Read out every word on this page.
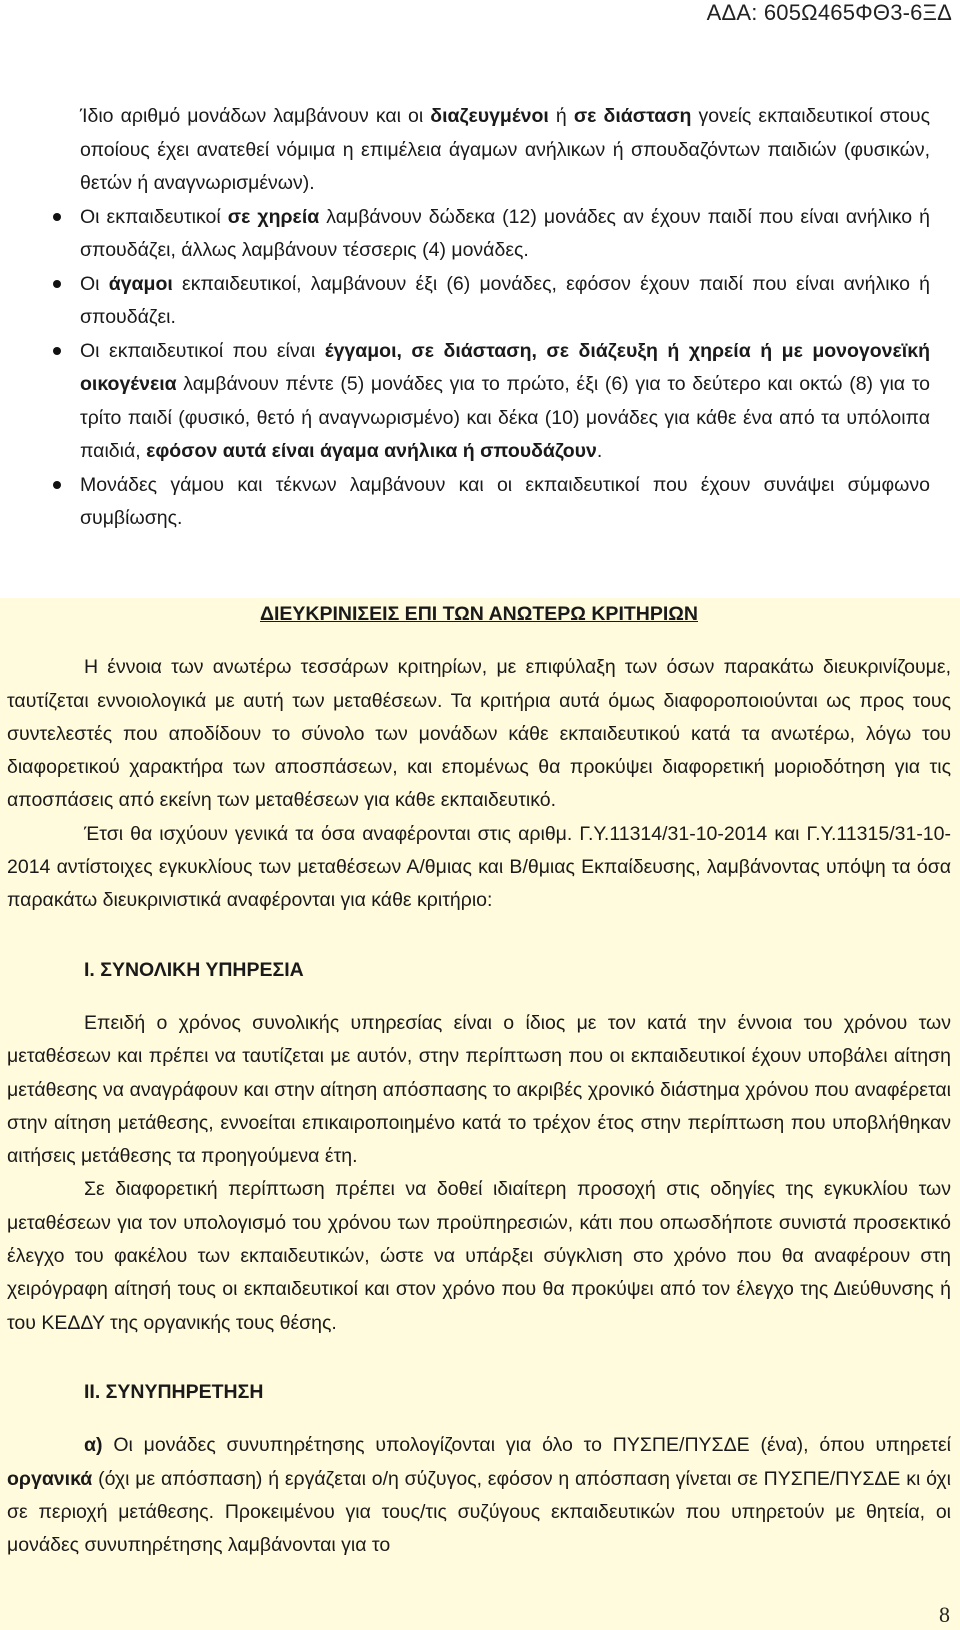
ΑΔΑ: 605Ω465ΦΘ3-6ΞΔ

Ίδιο αριθμό μονάδων λαμβάνουν και οι διαζευγμένοι ή σε διάσταση γονείς εκπαιδευτικοί στους οποίους έχει ανατεθεί νόμιμα η επιμέλεια άγαμων ανήλικων ή σπουδαζόντων παιδιών (φυσικών, θετών ή αναγνωρισμένων).

Οι εκπαιδευτικοί σε χηρεία λαμβάνουν δώδεκα (12) μονάδες αν έχουν παιδί που είναι ανήλικο ή σπουδάζει, άλλως λαμβάνουν τέσσερις (4) μονάδες.
Οι άγαμοι εκπαιδευτικοί, λαμβάνουν έξι (6) μονάδες, εφόσον έχουν παιδί που είναι ανήλικο ή σπουδάζει.
Οι εκπαιδευτικοί που είναι έγγαμοι, σε διάσταση, σε διάζευξη ή χηρεία ή με μονογονεϊκή οικογένεια λαμβάνουν πέντε (5) μονάδες για το πρώτο, έξι (6) για το δεύτερο και οκτώ (8) για το τρίτο παιδί (φυσικό, θετό ή αναγνωρισμένο) και δέκα (10) μονάδες για κάθε ένα από τα υπόλοιπα παιδιά, εφόσον αυτά είναι άγαμα ανήλικα ή σπουδάζουν.
Μονάδες γάμου και τέκνων λαμβάνουν και οι εκπαιδευτικοί που έχουν συνάψει σύμφωνο συμβίωσης.

ΔΙΕΥΚΡΙΝΙΣΕΙΣ ΕΠΙ ΤΩΝ ΑΝΩΤΕΡΩ ΚΡΙΤΗΡΙΩΝ

Η έννοια των ανωτέρω τεσσάρων κριτηρίων, με επιφύλαξη των όσων παρακάτω διευκρινίζουμε, ταυτίζεται εννοιολογικά με αυτή των μεταθέσεων. Τα κριτήρια αυτά όμως διαφοροποιούνται ως προς τους συντελεστές που αποδίδουν το σύνολο των μονάδων κάθε εκπαιδευτικού κατά τα ανωτέρω, λόγω του διαφορετικού χαρακτήρα των αποσπάσεων, και επομένως θα προκύψει διαφορετική μοριοδότηση για τις αποσπάσεις από εκείνη των μεταθέσεων για κάθε εκπαιδευτικό.

Έτσι θα ισχύουν γενικά τα όσα αναφέρονται στις αριθμ. Γ.Υ.11314/31-10-2014 και Γ.Υ.11315/31-10-2014 αντίστοιχες εγκυκλίους των μεταθέσεων Α/θμιας και Β/θμιας Εκπαίδευσης, λαμβάνοντας υπόψη τα όσα παρακάτω διευκρινιστικά αναφέρονται για κάθε κριτήριο:

Ι. ΣΥΝΟΛΙΚΗ ΥΠΗΡΕΣΙΑ

Επειδή ο χρόνος συνολικής υπηρεσίας είναι ο ίδιος με τον κατά την έννοια του χρόνου των μεταθέσεων και πρέπει να ταυτίζεται με αυτόν, στην περίπτωση που οι εκπαιδευτικοί έχουν υποβάλει αίτηση μετάθεσης να αναγράφουν και στην αίτηση απόσπασης το ακριβές χρονικό διάστημα χρόνου που αναφέρεται στην αίτηση μετάθεσης, εννοείται επικαιροποιημένο κατά το τρέχον έτος στην περίπτωση που υποβλήθηκαν αιτήσεις μετάθεσης τα προηγούμενα έτη.

Σε διαφορετική περίπτωση πρέπει να δοθεί ιδιαίτερη προσοχή στις οδηγίες της εγκυκλίου των μεταθέσεων για τον υπολογισμό του χρόνου των προϋπηρεσιών, κάτι που οπωσδήποτε συνιστά προσεκτικό έλεγχο του φακέλου των εκπαιδευτικών, ώστε να υπάρξει σύγκλιση στο χρόνο που θα αναφέρουν στη χειρόγραφη αίτησή τους οι εκπαιδευτικοί και στον χρόνο που θα προκύψει από τον έλεγχο της Διεύθυνσης ή του ΚΕΔΔΥ της οργανικής τους θέσης.

ΙΙ. ΣΥΝΥΠΗΡΕΤΗΣΗ

α) Οι μονάδες συνυπηρέτησης υπολογίζονται για όλο το ΠΥΣΠΕ/ΠΥΣΔΕ (ένα), όπου υπηρετεί οργανικά (όχι με απόσπαση) ή εργάζεται ο/η σύζυγος, εφόσον η απόσπαση γίνεται σε ΠΥΣΠΕ/ΠΥΣΔΕ κι όχι σε περιοχή μετάθεσης. Προκειμένου για τους/τις συζύγους εκπαιδευτικών που υπηρετούν με θητεία, οι μονάδες συνυπηρέτησης λαμβάνονται για το

8
